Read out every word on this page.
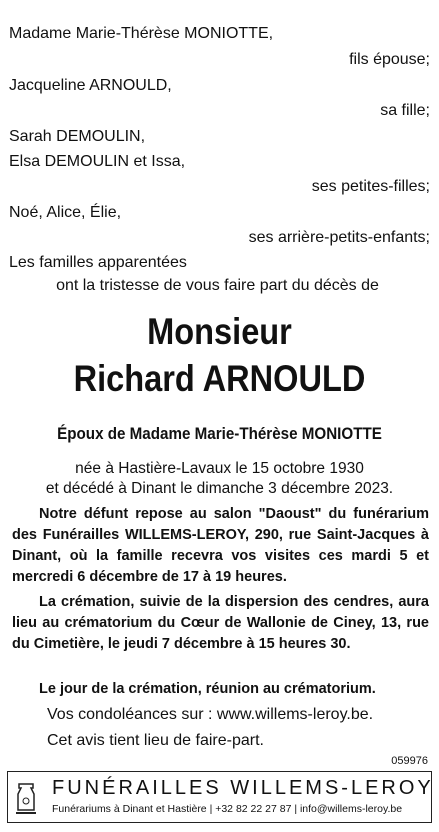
Madame Marie-Thérèse MONIOTTE,
fils épouse;
Jacqueline ARNOULD,
sa fille;
Sarah DEMOULIN,
Elsa DEMOULIN et Issa,
ses petites-filles;
Noé, Alice, Élie,
ses arrière-petits-enfants;
Les familles apparentées
ont la tristesse de vous faire part du décès de
Monsieur
Richard ARNOULD
Époux de Madame Marie-Thérèse MONIOTTE
née à Hastière-Lavaux le 15 octobre 1930
et décédé à Dinant le dimanche 3 décembre 2023.
Notre défunt repose au salon "Daoust" du funérarium des Funérailles WILLEMS-LEROY, 290, rue Saint-Jacques à Dinant, où la famille recevra vos visites ces mardi 5 et mercredi 6 décembre de 17 à 19 heures.
La crémation, suivie de la dispersion des cendres, aura lieu au crématorium du Cœur de Wallonie de Ciney, 13, rue du Cimetière, le jeudi 7 décembre à 15 heures 30.
Le jour de la crémation, réunion au crématorium.
Vos condoléances sur : www.willems-leroy.be.
Cet avis tient lieu de faire-part.
059976
FUNÉRAILLES WILLEMS-LEROY
Funérariums à Dinant et Hastière | +32 82 22 27 87 | info@willems-leroy.be
